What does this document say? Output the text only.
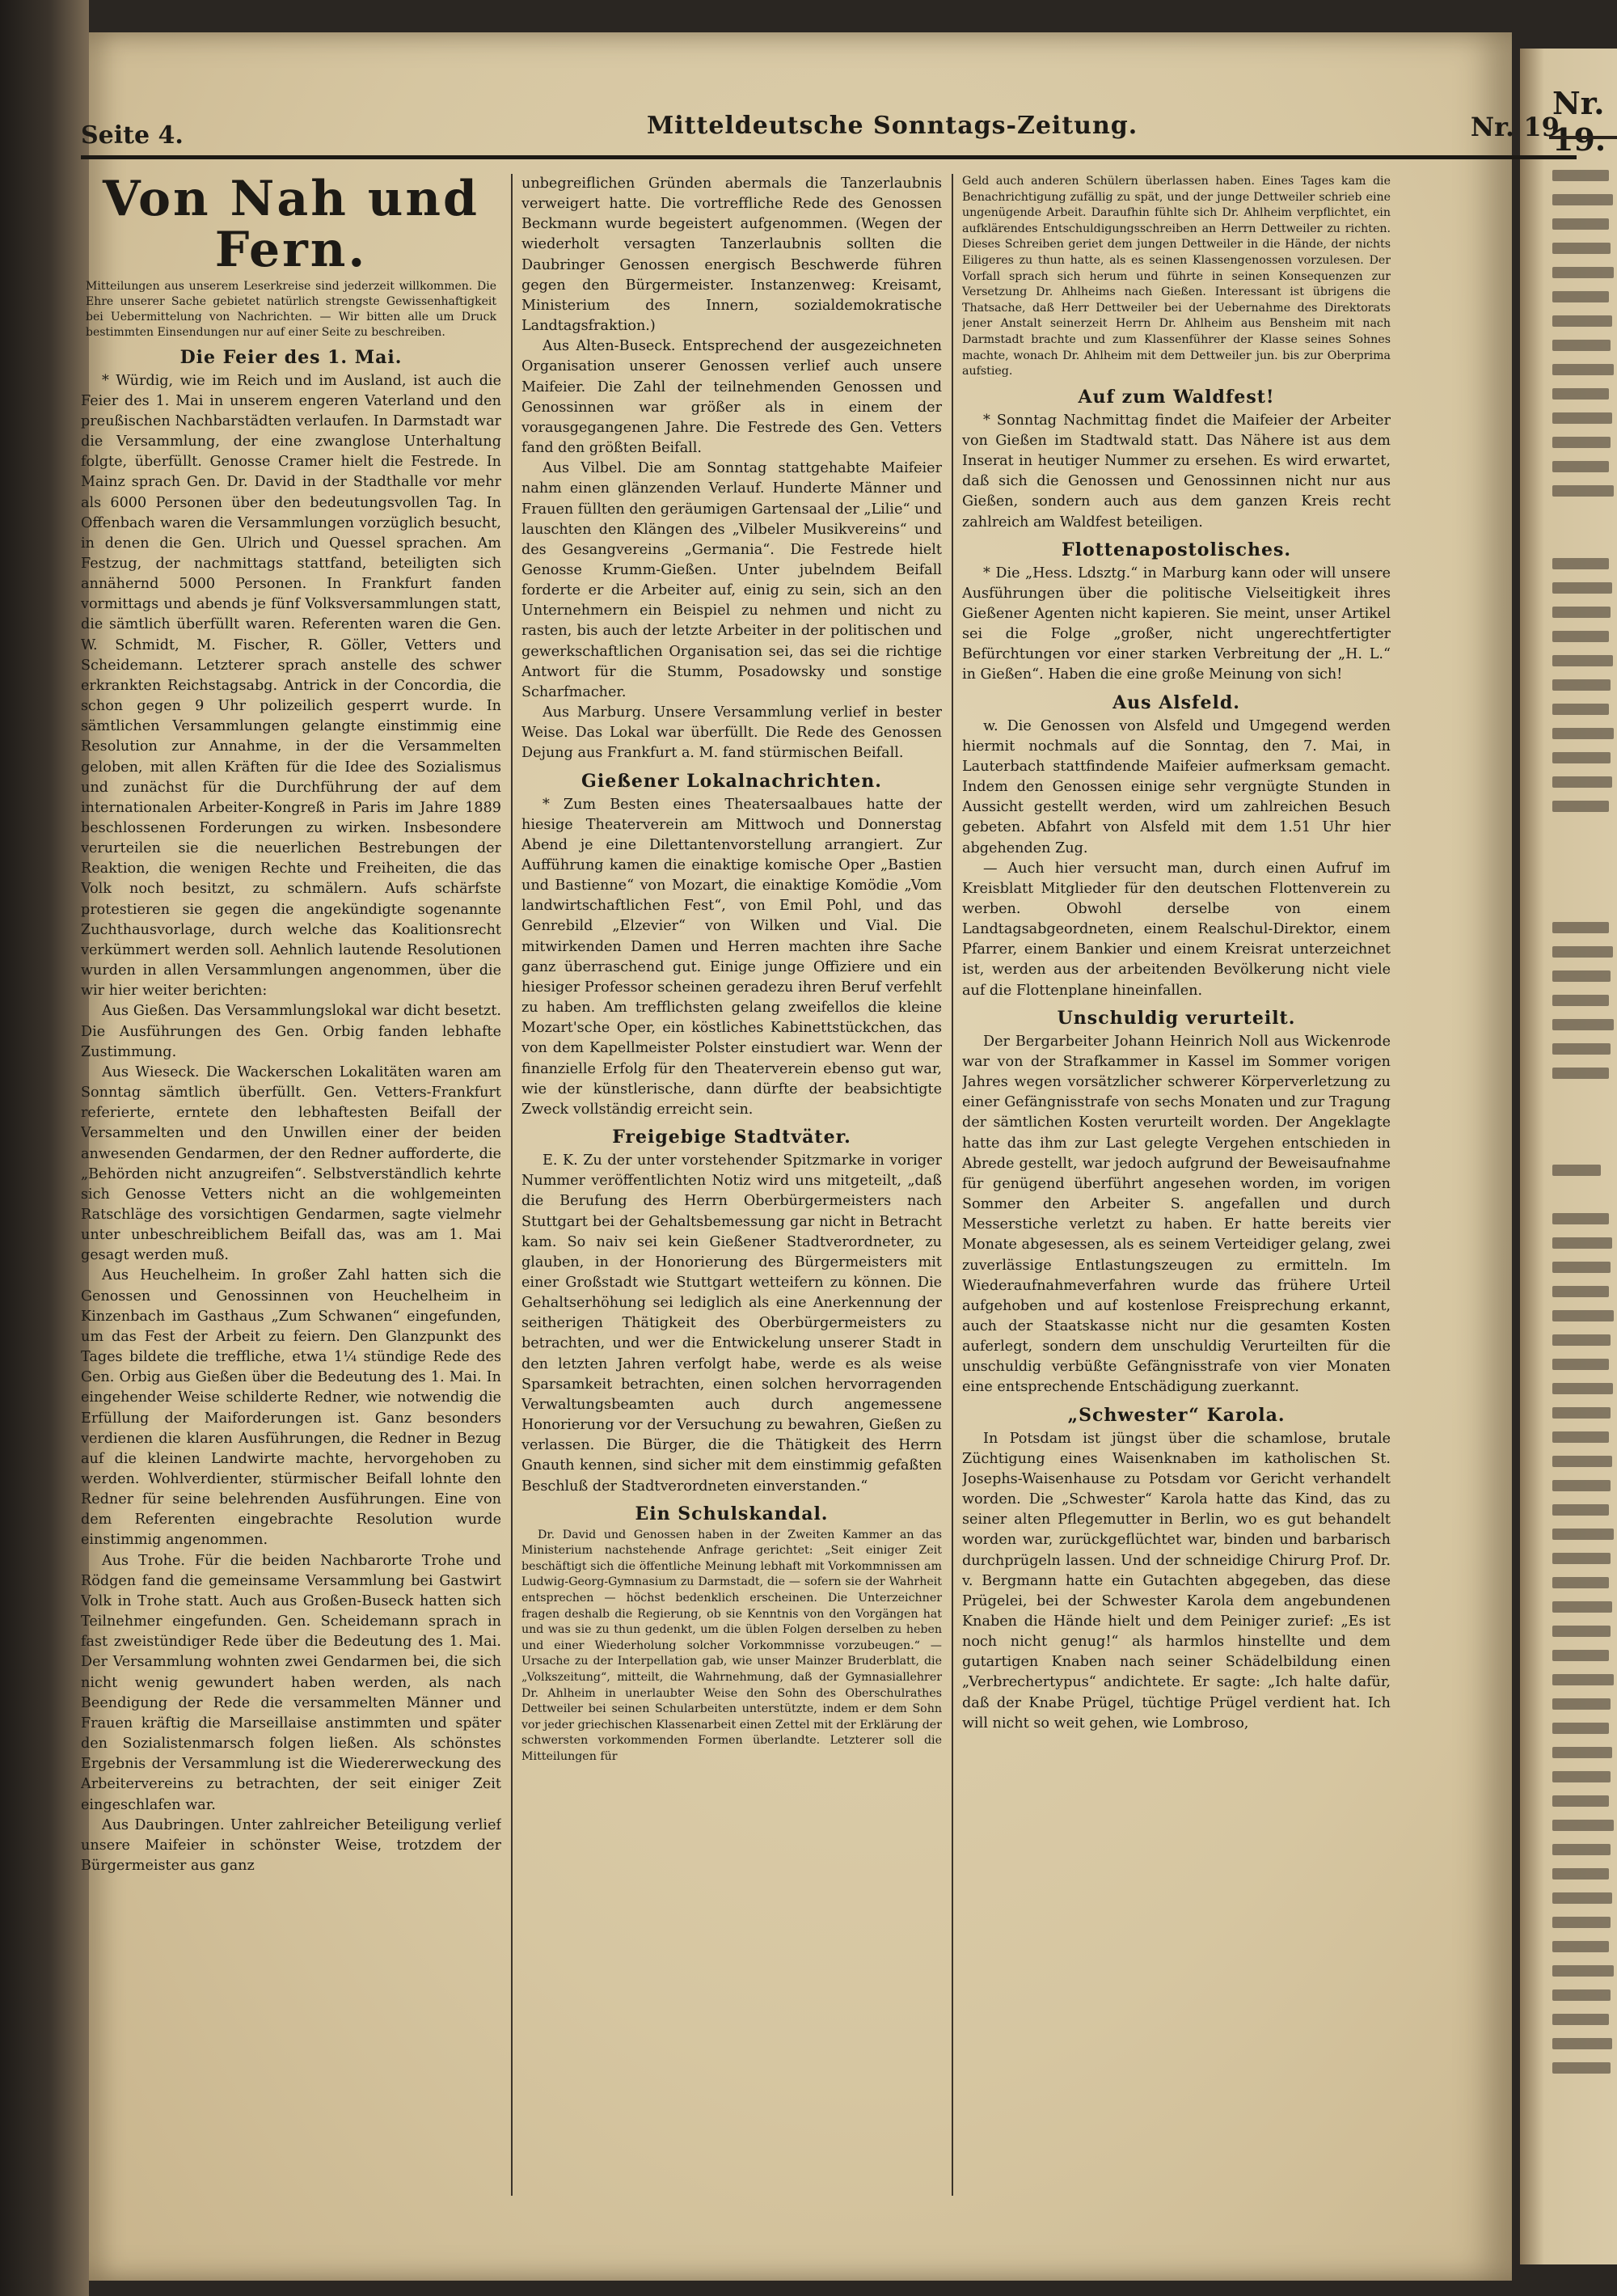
Nr. 19.
Seite 4.	Mitteldeutsche Sonntags-Zeitung.	Nr. 19.
Von Nah und Fern.

Mitteilungen aus unserem Leserkreise sind jederzeit willkommen. Die Ehre unserer Sache gebietet natürlich strengste Gewissenhaftigkeit bei Uebermittelung von Nachrichten. — Wir bitten alle um Druck bestimmten Einsendungen nur auf einer Seite zu beschreiben.

Die Feier des 1. Mai.

* Würdig, wie im Reich und im Ausland, ist auch die Feier des 1. Mai in unserem engeren Vaterland und den preußischen Nachbarstädten verlaufen. In Darmstadt war die Versammlung, der eine zwanglose Unterhaltung folgte, überfüllt. Genosse Cramer hielt die Festrede. In Mainz sprach Gen. Dr. David in der Stadthalle vor mehr als 6000 Personen über den bedeutungsvollen Tag. In Offenbach waren die Versammlungen vorzüglich besucht, in denen die Gen. Ulrich und Quessel sprachen. Am Festzug, der nachmittags stattfand, beteiligten sich annähernd 5000 Personen. In Frankfurt fanden vormittags und abends je fünf Volksversammlungen statt, die sämtlich überfüllt waren. Referenten waren die Gen. W. Schmidt, M. Fischer, R. Göller, Vetters und Scheidemann. Letzterer sprach anstelle des schwer erkrankten Reichstagsabg. Antrick in der Concordia, die schon gegen 9 Uhr polizeilich gesperrt wurde. In sämtlichen Versammlungen gelangte einstimmig eine Resolution zur Annahme, in der die Versammelten geloben, mit allen Kräften für die Idee des Sozialismus und zunächst für die Durchführung der auf dem internationalen Arbeiter-Kongreß in Paris im Jahre 1889 beschlossenen Forderungen zu wirken. Insbesondere verurteilen sie die neuerlichen Bestrebungen der Reaktion, die wenigen Rechte und Freiheiten, die das Volk noch besitzt, zu schmälern. Aufs schärfste protestieren sie gegen die angekündigte sogenannte Zuchthausvorlage, durch welche das Koalitionsrecht verkümmert werden soll. Aehnlich lautende Resolutionen wurden in allen Versammlungen angenommen, über die wir hier weiter berichten:

Aus Gießen. Das Versammlungslokal war dicht besetzt. Die Ausführungen des Gen. Orbig fanden lebhafte Zustimmung.

Aus Wieseck. Die Wackerschen Lokalitäten waren am Sonntag sämtlich überfüllt. Gen. Vetters-Frankfurt referierte, erntete den lebhaftesten Beifall der Versammelten und den Unwillen einer der beiden anwesenden Gendarmen, der den Redner aufforderte, die „Behörden nicht anzugreifen“. Selbstverständlich kehrte sich Genosse Vetters nicht an die wohlgemeinten Ratschläge des vorsichtigen Gendarmen, sagte vielmehr unter unbeschreiblichem Beifall das, was am 1. Mai gesagt werden muß.

Aus Heuchelheim. In großer Zahl hatten sich die Genossen und Genossinnen von Heuchelheim in Kinzenbach im Gasthaus „Zum Schwanen“ eingefunden, um das Fest der Arbeit zu feiern. Den Glanzpunkt des Tages bildete die treffliche, etwa 1¼ stündige Rede des Gen. Orbig aus Gießen über die Bedeutung des 1. Mai. In eingehender Weise schilderte Redner, wie notwendig die Erfüllung der Maiforderungen ist. Ganz besonders verdienen die klaren Ausführungen, die Redner in Bezug auf die kleinen Landwirte machte, hervorgehoben zu werden. Wohlverdienter, stürmischer Beifall lohnte den Redner für seine belehrenden Ausführungen. Eine von dem Referenten eingebrachte Resolution wurde einstimmig angenommen.

Aus Trohe. Für die beiden Nachbarorte Trohe und Rödgen fand die gemeinsame Versammlung bei Gastwirt Volk in Trohe statt. Auch aus Großen-Buseck hatten sich Teilnehmer eingefunden. Gen. Scheidemann sprach in fast zweistündiger Rede über die Bedeutung des 1. Mai. Der Versammlung wohnten zwei Gendarmen bei, die sich nicht wenig gewundert haben werden, als nach Beendigung der Rede die versammelten Männer und Frauen kräftig die Marseillaise anstimmten und später den Sozialistenmarsch folgen ließen. Als schönstes Ergebnis der Versammlung ist die Wiedererweckung des Arbeitervereins zu betrachten, der seit einiger Zeit eingeschlafen war.

Aus Daubringen. Unter zahlreicher Beteiligung verlief unsere Maifeier in schönster Weise, trotzdem der Bürgermeister aus ganz

unbegreiflichen Gründen abermals die Tanzerlaubnis verweigert hatte. Die vortreffliche Rede des Genossen Beckmann wurde begeistert aufgenommen. (Wegen der wiederholt versagten Tanzerlaubnis sollten die Daubringer Genossen energisch Beschwerde führen gegen den Bürgermeister. Instanzenweg: Kreisamt, Ministerium des Innern, sozialdemokratische Landtagsfraktion.)

Aus Alten-Buseck. Entsprechend der ausgezeichneten Organisation unserer Genossen verlief auch unsere Maifeier. Die Zahl der teilnehmenden Genossen und Genossinnen war größer als in einem der vorausgegangenen Jahre. Die Festrede des Gen. Vetters fand den größten Beifall.

Aus Vilbel. Die am Sonntag stattgehabte Maifeier nahm einen glänzenden Verlauf. Hunderte Männer und Frauen füllten den geräumigen Gartensaal der „Lilie“ und lauschten den Klängen des „Vilbeler Musikvereins“ und des Gesangvereins „Germania“. Die Festrede hielt Genosse Krumm-Gießen. Unter jubelndem Beifall forderte er die Arbeiter auf, einig zu sein, sich an den Unternehmern ein Beispiel zu nehmen und nicht zu rasten, bis auch der letzte Arbeiter in der politischen und gewerkschaftlichen Organisation sei, das sei die richtige Antwort für die Stumm, Posadowsky und sonstige Scharfmacher.

Aus Marburg. Unsere Versammlung verlief in bester Weise. Das Lokal war überfüllt. Die Rede des Genossen Dejung aus Frankfurt a. M. fand stürmischen Beifall.

Gießener Lokalnachrichten.

* Zum Besten eines Theatersaalbaues hatte der hiesige Theaterverein am Mittwoch und Donnerstag Abend je eine Dilettantenvorstellung arrangiert. Zur Aufführung kamen die einaktige komische Oper „Bastien und Bastienne“ von Mozart, die einaktige Komödie „Vom landwirtschaftlichen Fest“, von Emil Pohl, und das Genrebild „Elzevier“ von Wilken und Vial. Die mitwirkenden Damen und Herren machten ihre Sache ganz überraschend gut. Einige junge Offiziere und ein hiesiger Professor scheinen geradezu ihren Beruf verfehlt zu haben. Am trefflichsten gelang zweifellos die kleine Mozart'sche Oper, ein köstliches Kabinettstückchen, das von dem Kapellmeister Polster einstudiert war. Wenn der finanzielle Erfolg für den Theaterverein ebenso gut war, wie der künstlerische, dann dürfte der beabsichtigte Zweck vollständig erreicht sein.

Freigebige Stadtväter.

E. K. Zu der unter vorstehender Spitzmarke in voriger Nummer veröffentlichten Notiz wird uns mitgeteilt, „daß die Berufung des Herrn Oberbürgermeisters nach Stuttgart bei der Gehaltsbemessung gar nicht in Betracht kam. So naiv sei kein Gießener Stadtverordneter, zu glauben, in der Honorierung des Bürgermeisters mit einer Großstadt wie Stuttgart wetteifern zu können. Die Gehaltserhöhung sei lediglich als eine Anerkennung der seitherigen Thätigkeit des Oberbürgermeisters zu betrachten, und wer die Entwickelung unserer Stadt in den letzten Jahren verfolgt habe, werde es als weise Sparsamkeit betrachten, einen solchen hervorragenden Verwaltungsbeamten auch durch angemessene Honorierung vor der Versuchung zu bewahren, Gießen zu verlassen. Die Bürger, die die Thätigkeit des Herrn Gnauth kennen, sind sicher mit dem einstimmig gefaßten Beschluß der Stadtverordneten einverstanden.“

Ein Schulskandal.

Dr. David und Genossen haben in der Zweiten Kammer an das Ministerium nachstehende Anfrage gerichtet: „Seit einiger Zeit beschäftigt sich die öffentliche Meinung lebhaft mit Vorkommnissen am Ludwig-Georg-Gymnasium zu Darmstadt, die — sofern sie der Wahrheit entsprechen — höchst bedenklich erscheinen. Die Unterzeichner fragen deshalb die Regierung, ob sie Kenntnis von den Vorgängen hat und was sie zu thun gedenkt, um die üblen Folgen derselben zu heben und einer Wiederholung solcher Vorkommnisse vorzubeugen.“ — Ursache zu der Interpellation gab, wie unser Mainzer Bruderblatt, die „Volkszeitung“, mitteilt, die Wahrnehmung, daß der Gymnasiallehrer Dr. Ahlheim in unerlaubter Weise den Sohn des Oberschulrathes Dettweiler bei seinen Schularbeiten unterstützte, indem er dem Sohn vor jeder griechischen Klassenarbeit einen Zettel mit der Erklärung der schwersten vorkommenden Formen überlandte. Letzterer soll die Mitteilungen für

Geld auch anderen Schülern überlassen haben. Eines Tages kam die Benachrichtigung zufällig zu spät, und der junge Dettweiler schrieb eine ungenügende Arbeit. Daraufhin fühlte sich Dr. Ahlheim verpflichtet, ein aufklärendes Entschuldigungsschreiben an Herrn Dettweiler zu richten. Dieses Schreiben geriet dem jungen Dettweiler in die Hände, der nichts Eiligeres zu thun hatte, als es seinen Klassengenossen vorzulesen. Der Vorfall sprach sich herum und führte in seinen Konsequenzen zur Versetzung Dr. Ahlheims nach Gießen. Interessant ist übrigens die Thatsache, daß Herr Dettweiler bei der Uebernahme des Direktorats jener Anstalt seinerzeit Herrn Dr. Ahlheim aus Bensheim mit nach Darmstadt brachte und zum Klassenführer der Klasse seines Sohnes machte, wonach Dr. Ahlheim mit dem Dettweiler jun. bis zur Oberprima aufstieg.

Auf zum Waldfest!

* Sonntag Nachmittag findet die Maifeier der Arbeiter von Gießen im Stadtwald statt. Das Nähere ist aus dem Inserat in heutiger Nummer zu ersehen. Es wird erwartet, daß sich die Genossen und Genossinnen nicht nur aus Gießen, sondern auch aus dem ganzen Kreis recht zahlreich am Waldfest beteiligen.

Flottenapostolisches.

* Die „Hess. Ldsztg.“ in Marburg kann oder will unsere Ausführungen über die politische Vielseitigkeit ihres Gießener Agenten nicht kapieren. Sie meint, unser Artikel sei die Folge „großer, nicht ungerechtfertigter Befürchtungen vor einer starken Verbreitung der „H. L.“ in Gießen“. Haben die eine große Meinung von sich!

Aus Alsfeld.

w. Die Genossen von Alsfeld und Umgegend werden hiermit nochmals auf die Sonntag, den 7. Mai, in Lauterbach stattfindende Maifeier aufmerksam gemacht. Indem den Genossen einige sehr vergnügte Stunden in Aussicht gestellt werden, wird um zahlreichen Besuch gebeten. Abfahrt von Alsfeld mit dem 1.51 Uhr hier abgehenden Zug.

— Auch hier versucht man, durch einen Aufruf im Kreisblatt Mitglieder für den deutschen Flottenverein zu werben. Obwohl derselbe von einem Landtagsabgeordneten, einem Realschul-Direktor, einem Pfarrer, einem Bankier und einem Kreisrat unterzeichnet ist, werden aus der arbeitenden Bevölkerung nicht viele auf die Flottenplane hineinfallen.

Unschuldig verurteilt.

Der Bergarbeiter Johann Heinrich Noll aus Wickenrode war von der Strafkammer in Kassel im Sommer vorigen Jahres wegen vorsätzlicher schwerer Körperverletzung zu einer Gefängnisstrafe von sechs Monaten und zur Tragung der sämtlichen Kosten verurteilt worden. Der Angeklagte hatte das ihm zur Last gelegte Vergehen entschieden in Abrede gestellt, war jedoch aufgrund der Beweisaufnahme für genügend überführt angesehen worden, im vorigen Sommer den Arbeiter S. angefallen und durch Messerstiche verletzt zu haben. Er hatte bereits vier Monate abgesessen, als es seinem Verteidiger gelang, zwei zuverlässige Entlastungszeugen zu ermitteln. Im Wiederaufnahmeverfahren wurde das frühere Urteil aufgehoben und auf kostenlose Freisprechung erkannt, auch der Staatskasse nicht nur die gesamten Kosten auferlegt, sondern dem unschuldig Verurteilten für die unschuldig verbüßte Gefängnisstrafe von vier Monaten eine entsprechende Entschädigung zuerkannt.

„Schwester“ Karola.

In Potsdam ist jüngst über die schamlose, brutale Züchtigung eines Waisenknaben im katholischen St. Josephs-Waisenhause zu Potsdam vor Gericht verhandelt worden. Die „Schwester“ Karola hatte das Kind, das zu seiner alten Pflegemutter in Berlin, wo es gut behandelt worden war, zurückgeflüchtet war, binden und barbarisch durchprügeln lassen. Und der schneidige Chirurg Prof. Dr. v. Bergmann hatte ein Gutachten abgegeben, das diese Prügelei, bei der Schwester Karola dem angebundenen Knaben die Hände hielt und dem Peiniger zurief: „Es ist noch nicht genug!“ als harmlos hinstellte und dem gutartigen Knaben nach seiner Schädelbildung einen „Verbrechertypus“ andichtete. Er sagte: „Ich halte dafür, daß der Knabe Prügel, tüchtige Prügel verdient hat. Ich will nicht so weit gehen, wie Lombroso,
